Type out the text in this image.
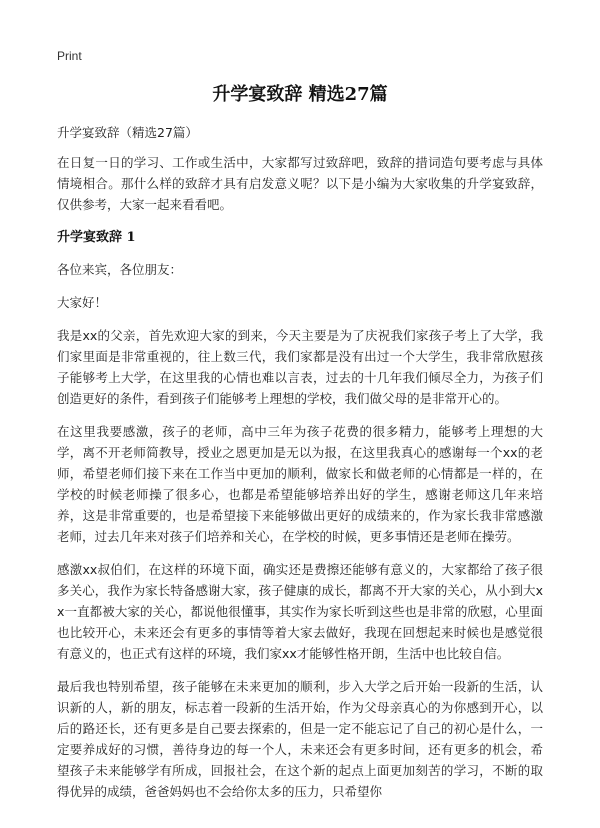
Print
升学宴致辞 精选27篇
升学宴致辞（精选27篇）

在日复一日的学习、工作或生活中，大家都写过致辞吧，致辞的措词造句要考虑与具体情境相合。那什么样的致辞才具有启发意义呢？以下是小编为大家收集的升学宴致辞，仅供参考，大家一起来看看吧。

升学宴致辞 1

各位来宾，各位朋友：

大家好！

我是xx的父亲，首先欢迎大家的到来，今天主要是为了庆祝我们家孩子考上了大学，我们家里面是非常重视的，往上数三代，我们家都是没有出过一个大学生，我非常欣慰孩子能够考上大学，在这里我的心情也难以言表，过去的十几年我们倾尽全力，为孩子们创造更好的条件，看到孩子们能够考上理想的学校，我们做父母的是非常开心的。

在这里我要感激，孩子的老师，高中三年为孩子花费的很多精力，能够考上理想的大学，离不开老师简教导，授业之恩更加是无以为报，在这里我真心的感谢每一个xx的老师，希望老师们接下来在工作当中更加的顺利，做家长和做老师的心情都是一样的，在学校的时候老师操了很多心，也都是希望能够培养出好的学生，感谢老师这几年来培养，这是非常重要的，也是希望接下来能够做出更好的成绩来的，作为家长我非常感激老师，过去几年来对孩子们培养和关心，在学校的时候，更多事情还是老师在操劳。

感激xx叔伯们，在这样的环境下面，确实还是费擦还能够有意义的，大家都给了孩子很多关心，我作为家长特备感谢大家，孩子健康的成长，都离不开大家的关心，从小到大xx一直都被大家的关心，都说他很懂事，其实作为家长听到这些也是非常的欣慰，心里面也比较开心，未来还会有更多的事情等着大家去做好，我现在回想起来时候也是感觉很有意义的，也正式有这样的环境，我们家xx才能够性格开朗，生活中也比较自信。

最后我也特别希望，孩子能够在未来更加的顺利，步入大学之后开始一段新的生活，认识新的人，新的朋友，标志着一段新的生活开始，作为父母亲真心的为你感到开心，以后的路还长，还有更多是自己要去探索的，但是一定不能忘记了自己的初心是什么，一定要养成好的习惯，善待身边的每一个人，未来还会有更多时间，还有更多的机会，希望孩子未来能够学有所成，回报社会，在这个新的起点上面更加刻苦的学习，不断的取得优异的成绩，爸爸妈妈也不会给你太多的压力，只希望你
